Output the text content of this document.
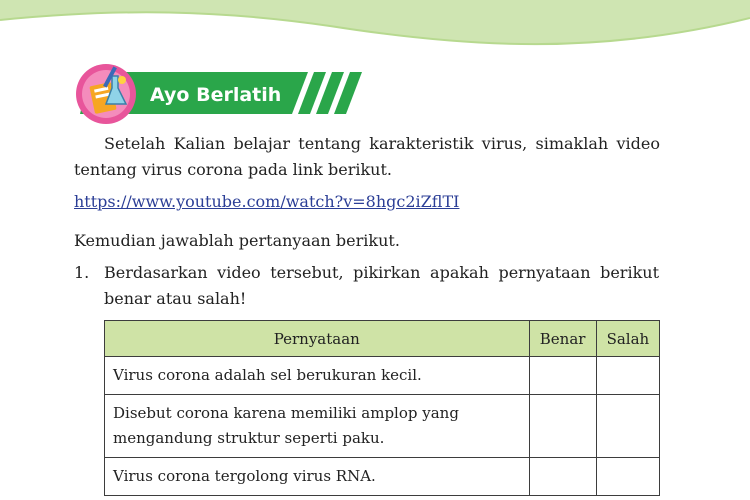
Ayo Berlatih

Setelah Kalian belajar tentang karakteristik virus, simaklah video tentang virus corona pada link berikut.

https://www.youtube.com/watch?v=8hgc2iZflTI

Kemudian jawablah pertanyaan berikut.

1. Berdasarkan video tersebut, pikirkan apakah pernyataan berikut benar atau salah!

Pernyataan	Benar	Salah
Virus corona adalah sel berukuran kecil.		
Disebut corona karena memiliki amplop yang mengandung struktur seperti paku.		
Virus corona tergolong virus RNA.		
